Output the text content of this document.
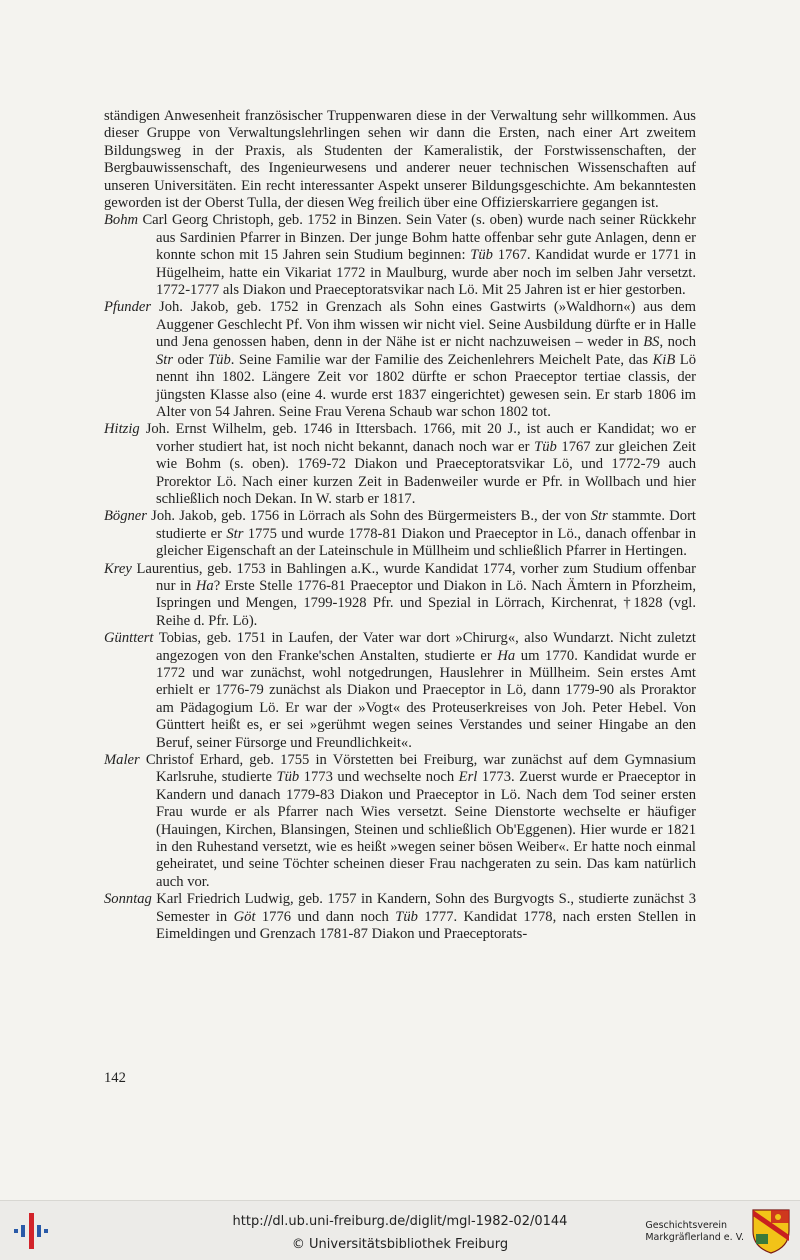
ständigen Anwesenheit französischer Truppenwaren diese in der Verwaltung sehr willkommen. Aus dieser Gruppe von Verwaltungslehrlingen sehen wir dann die Ersten, nach einer Art zweitem Bildungsweg in der Praxis, als Studenten der Kameralistik, der Forstwissenschaften, der Bergbauwissenschaft, des Ingenieurwesens und anderer neuer technischen Wissenschaften auf unseren Universitäten. Ein recht interessanter Aspekt unserer Bildungsgeschichte. Am bekanntesten geworden ist der Oberst Tulla, der diesen Weg freilich über eine Offizierskarriere gegangen ist.

Bohm Carl Georg Christoph, geb. 1752 in Binzen. Sein Vater (s. oben) wurde nach seiner Rückkehr aus Sardinien Pfarrer in Binzen. Der junge Bohm hatte offenbar sehr gute Anlagen, denn er konnte schon mit 15 Jahren sein Studium beginnen: Tüb 1767. Kandidat wurde er 1771 in Hügelheim, hatte ein Vikariat 1772 in Maulburg, wurde aber noch im selben Jahr versetzt. 1772-1777 als Diakon und Praeceptoratsvikar nach Lö. Mit 25 Jahren ist er hier gestorben.

Pfunder Joh. Jakob, geb. 1752 in Grenzach als Sohn eines Gastwirts (»Waldhorn«) aus dem Auggener Geschlecht Pf. Von ihm wissen wir nicht viel. Seine Ausbildung dürfte er in Halle und Jena genossen haben, denn in der Nähe ist er nicht nachzuweisen – weder in BS, noch Str oder Tüb. Seine Familie war der Familie des Zeichenlehrers Meichelt Pate, das KiB Lö nennt ihn 1802. Längere Zeit vor 1802 dürfte er schon Praeceptor tertiae classis, der jüngsten Klasse also (eine 4. wurde erst 1837 eingerichtet) gewesen sein. Er starb 1806 im Alter von 54 Jahren. Seine Frau Verena Schaub war schon 1802 tot.

Hitzig Joh. Ernst Wilhelm, geb. 1746 in Ittersbach. 1766, mit 20 J., ist auch er Kandidat; wo er vorher studiert hat, ist noch nicht bekannt, danach noch war er Tüb 1767 zur gleichen Zeit wie Bohm (s. oben). 1769-72 Diakon und Praeceptoratsvikar Lö, und 1772-79 auch Prorektor Lö. Nach einer kurzen Zeit in Badenweiler wurde er Pfr. in Wollbach und hier schließlich noch Dekan. In W. starb er 1817.

Bögner Joh. Jakob, geb. 1756 in Lörrach als Sohn des Bürgermeisters B., der von Str stammte. Dort studierte er Str 1775 und wurde 1778-81 Diakon und Praeceptor in Lö., danach offenbar in gleicher Eigenschaft an der Lateinschule in Müllheim und schließlich Pfarrer in Hertingen.

Krey Laurentius, geb. 1753 in Bahlingen a.K., wurde Kandidat 1774, vorher zum Studium offenbar nur in Ha? Erste Stelle 1776-81 Praeceptor und Diakon in Lö. Nach Ämtern in Pforzheim, Ispringen und Mengen, 1799-1928 Pfr. und Spezial in Lörrach, Kirchenrat, †1828 (vgl. Reihe d. Pfr. Lö).

Günttert Tobias, geb. 1751 in Laufen, der Vater war dort »Chirurg«, also Wundarzt. Nicht zuletzt angezogen von den Franke'schen Anstalten, studierte er Ha um 1770. Kandidat wurde er 1772 und war zunächst, wohl notgedrungen, Hauslehrer in Müllheim. Sein erstes Amt erhielt er 1776-79 zunächst als Diakon und Praeceptor in Lö, dann 1779-90 als Proraktor am Pädagogium Lö. Er war der »Vogt« des Proteuserkreises von Joh. Peter Hebel. Von Günttert heißt es, er sei »gerühmt wegen seines Verstandes und seiner Hingabe an den Beruf, seiner Fürsorge und Freundlichkeit«.

Maler Christof Erhard, geb. 1755 in Vörstetten bei Freiburg, war zunächst auf dem Gymnasium Karlsruhe, studierte Tüb 1773 und wechselte noch Erl 1773. Zuerst wurde er Praeceptor in Kandern und danach 1779-83 Diakon und Praeceptor in Lö. Nach dem Tod seiner ersten Frau wurde er als Pfarrer nach Wies versetzt. Seine Dienstorte wechselte er häufiger (Hauingen, Kirchen, Blansingen, Steinen und schließlich Ob'Eggenen). Hier wurde er 1821 in den Ruhestand versetzt, wie es heißt »wegen seiner bösen Weiber«. Er hatte noch einmal geheiratet, und seine Töchter scheinen dieser Frau nachgeraten zu sein. Das kam natürlich auch vor.

Sonntag Karl Friedrich Ludwig, geb. 1757 in Kandern, Sohn des Burgvogts S., studierte zunächst 3 Semester in Göt 1776 und dann noch Tüb 1777. Kandidat 1778, nach ersten Stellen in Eimeldingen und Grenzach 1781-87 Diakon und Praeceptorats-

142
http://dl.ub.uni-freiburg.de/diglit/mgl-1982-02/0144
© Universitätsbibliothek Freiburg
Geschichtsverein
Markgräflerland e. V.
